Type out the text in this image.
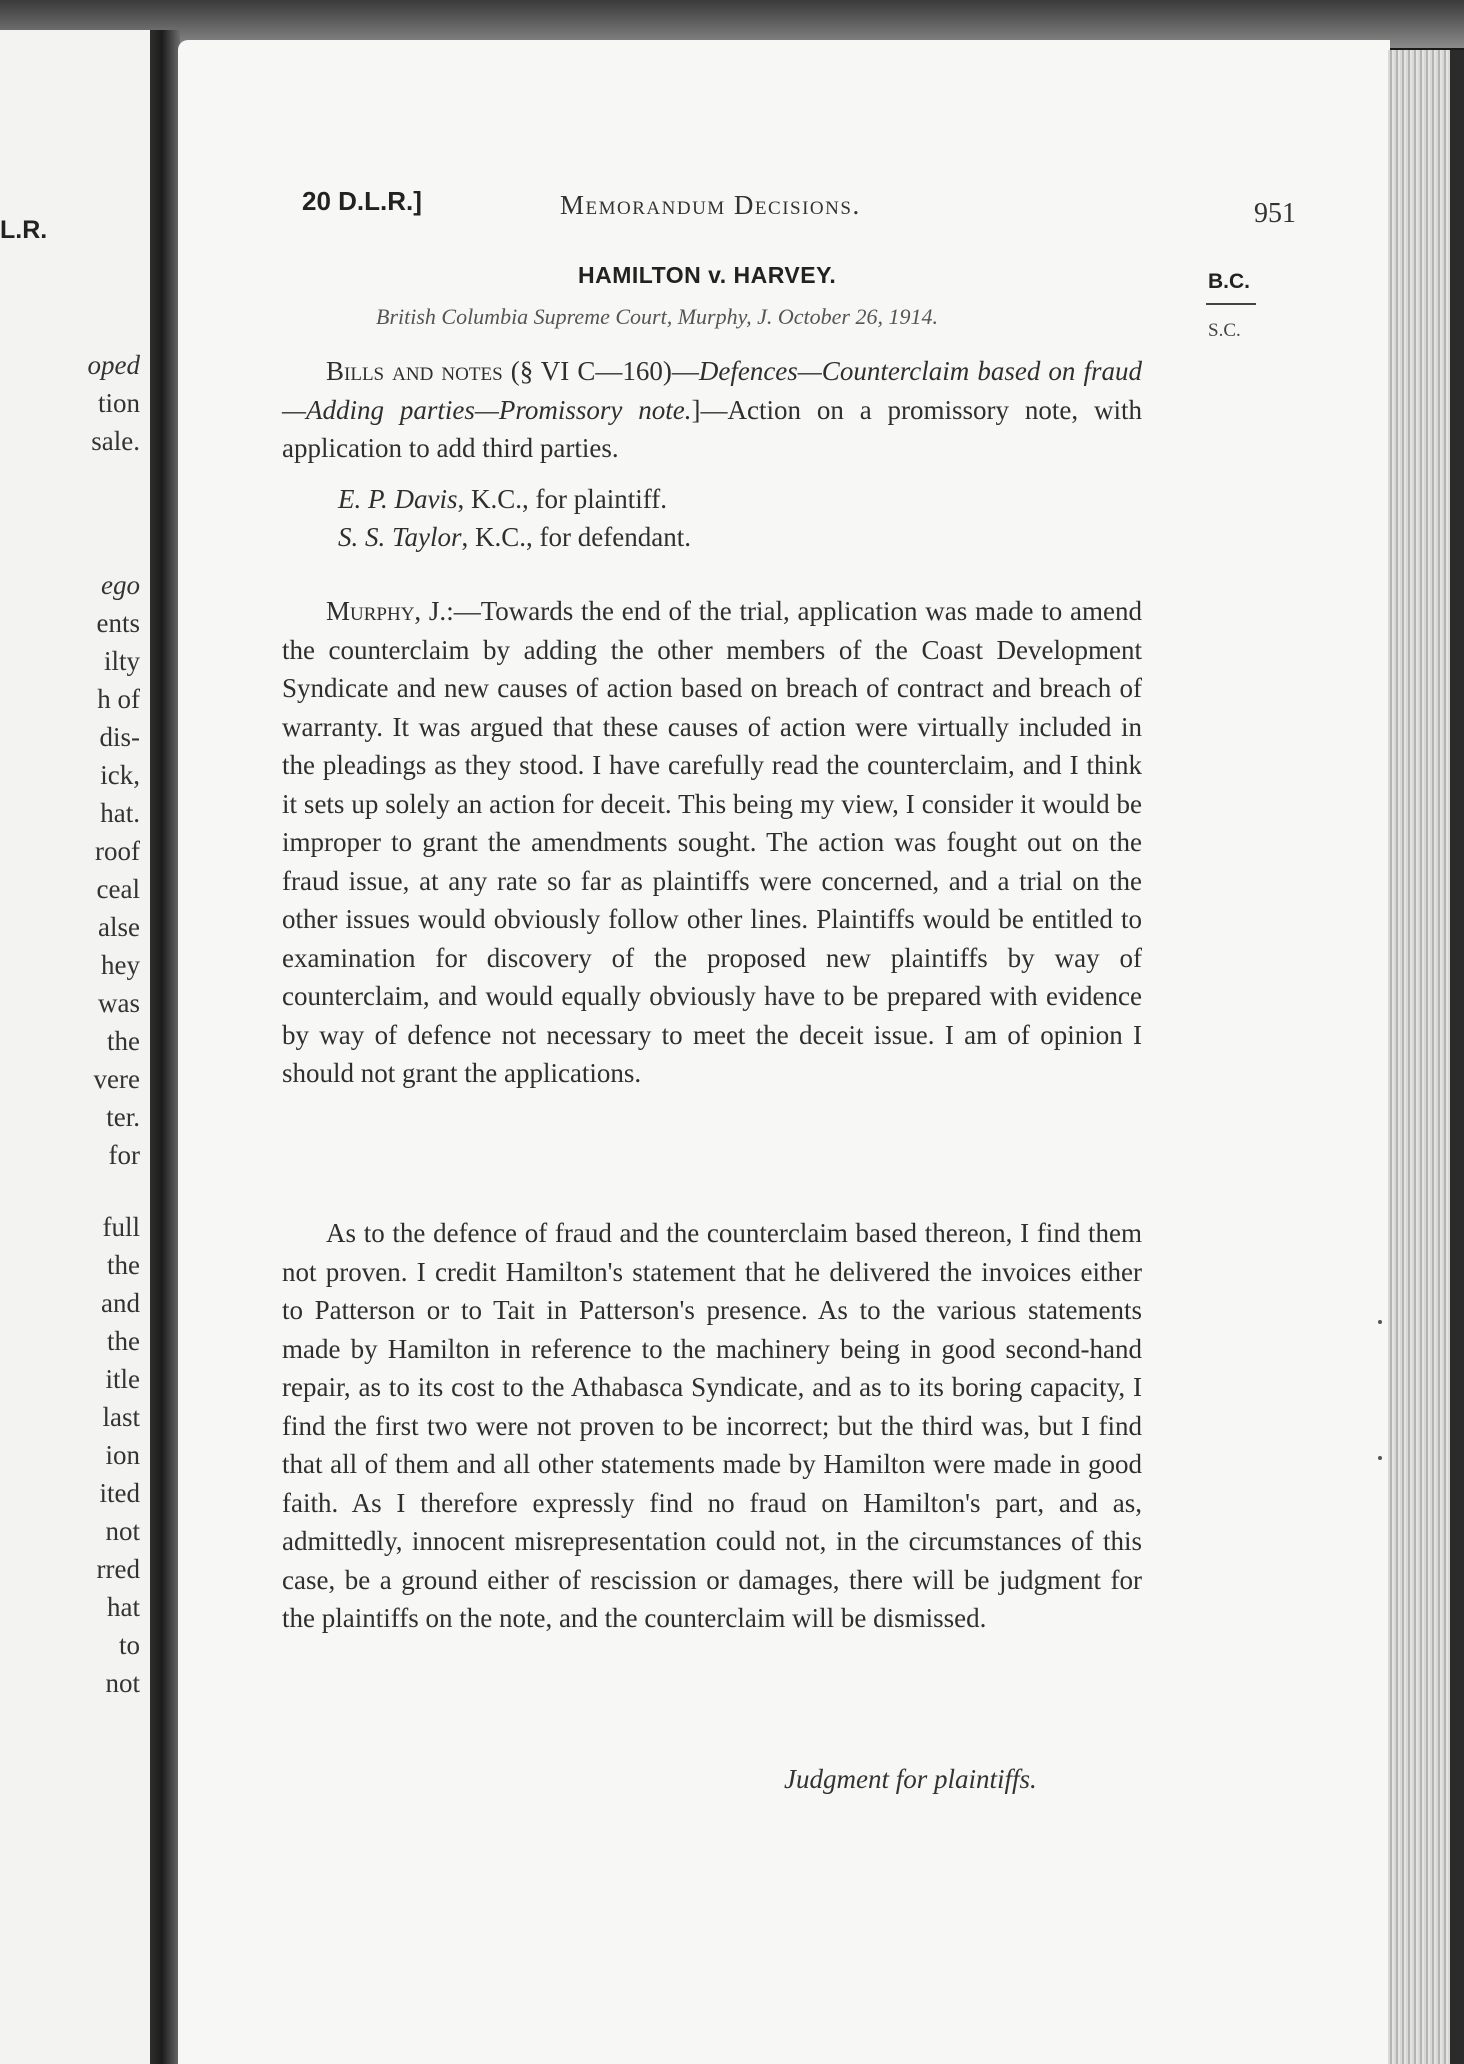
L.R.
oped
tion
sale.
ego
ents
ilty
h of
dis-
ick,
hat.
roof
ceal
alse
hey
was
the
vere
ter.
for
full
the
and
the
itle
last
ion
ited
not
rred
hat
to
not
20 D.L.R.]	Memorandum Decisions.	951
B.C.
S.C.
HAMILTON v. HARVEY.
British Columbia Supreme Court, Murphy, J. October 26, 1914.

Bills and notes (§ VI C—160)—Defences—Counterclaim based on fraud—Adding parties—Promissory note.]—Action on a promissory note, with application to add third parties.

E. P. Davis, K.C., for plaintiff.
S. S. Taylor, K.C., for defendant.

Murphy, J.:—Towards the end of the trial, application was made to amend the counterclaim by adding the other members of the Coast Development Syndicate and new causes of action based on breach of contract and breach of warranty. It was argued that these causes of action were virtually included in the pleadings as they stood. I have carefully read the counterclaim, and I think it sets up solely an action for deceit. This being my view, I consider it would be improper to grant the amendments sought. The action was fought out on the fraud issue, at any rate so far as plaintiffs were concerned, and a trial on the other issues would obviously follow other lines. Plaintiffs would be entitled to examination for discovery of the proposed new plaintiffs by way of counterclaim, and would equally obviously have to be prepared with evidence by way of defence not necessary to meet the deceit issue. I am of opinion I should not grant the applications.

As to the defence of fraud and the counterclaim based thereon, I find them not proven. I credit Hamilton's statement that he delivered the invoices either to Patterson or to Tait in Patterson's presence. As to the various statements made by Hamilton in reference to the machinery being in good second-hand repair, as to its cost to the Athabasca Syndicate, and as to its boring capacity, I find the first two were not proven to be incorrect; but the third was, but I find that all of them and all other statements made by Hamilton were made in good faith. As I therefore expressly find no fraud on Hamilton's part, and as, admittedly, innocent misrepresentation could not, in the circumstances of this case, be a ground either of rescission or damages, there will be judgment for the plaintiffs on the note, and the counterclaim will be dismissed.

Judgment for plaintiffs.
